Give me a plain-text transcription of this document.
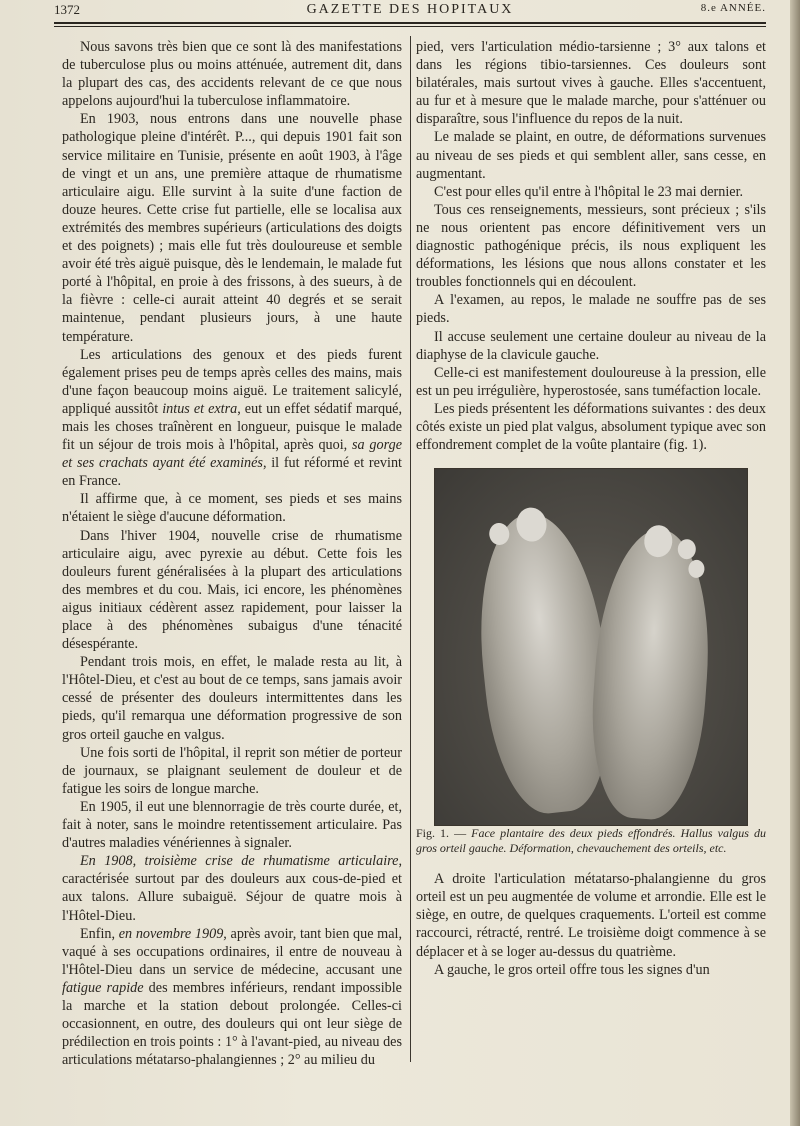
1372	GAZETTE DES HOPITAUX	8.e ANNÉE.

Nous savons très bien que ce sont là des manifestations de tuberculose plus ou moins atténuée, autrement dit, dans la plupart des cas, des accidents relevant de ce que nous appelons aujourd'hui la tuberculose inflammatoire.

En 1903, nous entrons dans une nouvelle phase pathologique pleine d'intérêt. P..., qui depuis 1901 fait son service militaire en Tunisie, présente en août 1903, à l'âge de vingt et un ans, une première attaque de rhumatisme articulaire aigu. Elle survint à la suite d'une faction de douze heures. Cette crise fut partielle, elle se localisa aux extrémités des membres supérieurs (articulations des doigts et des poignets) ; mais elle fut très douloureuse et semble avoir été très aiguë puisque, dès le lendemain, le malade fut porté à l'hôpital, en proie à des frissons, à des sueurs, à de la fièvre : celle-ci aurait atteint 40 degrés et se serait maintenue, pendant plusieurs jours, à une haute température.

Les articulations des genoux et des pieds furent également prises peu de temps après celles des mains, mais d'une façon beaucoup moins aiguë. Le traitement salicylé, appliqué aussitôt intus et extra, eut un effet sédatif marqué, mais les choses traînèrent en longueur, puisque le malade fit un séjour de trois mois à l'hôpital, après quoi, sa gorge et ses crachats ayant été examinés, il fut réformé et revint en France.

Il affirme que, à ce moment, ses pieds et ses mains n'étaient le siège d'aucune déformation.

Dans l'hiver 1904, nouvelle crise de rhumatisme articulaire aigu, avec pyrexie au début. Cette fois les douleurs furent généralisées à la plupart des articulations des membres et du cou. Mais, ici encore, les phénomènes aigus initiaux cédèrent assez rapidement, pour laisser la place à des phénomènes subaigus d'une ténacité désespérante.

Pendant trois mois, en effet, le malade resta au lit, à l'Hôtel-Dieu, et c'est au bout de ce temps, sans jamais avoir cessé de présenter des douleurs intermittentes dans les pieds, qu'il remarqua une déformation progressive de son gros orteil gauche en valgus.

Une fois sorti de l'hôpital, il reprit son métier de porteur de journaux, se plaignant seulement de douleur et de fatigue les soirs de longue marche.

En 1905, il eut une blennorragie de très courte durée, et, fait à noter, sans le moindre retentissement articulaire. Pas d'autres maladies vénériennes à signaler.

En 1908, troisième crise de rhumatisme articulaire, caractérisée surtout par des douleurs aux cous-de-pied et aux talons. Allure subaiguë. Séjour de quatre mois à l'Hôtel-Dieu.

Enfin, en novembre 1909, après avoir, tant bien que mal, vaqué à ses occupations ordinaires, il entre de nouveau à l'Hôtel-Dieu dans un service de médecine, accusant une fatigue rapide des membres inférieurs, rendant impossible la marche et la station debout prolongée. Celles-ci occasionnent, en outre, des douleurs qui ont leur siège de prédilection en trois points : 1° à l'avant-pied, au niveau des articulations métatarso-phalangiennes ; 2° au milieu du

pied, vers l'articulation médio-tarsienne ; 3° aux talons et dans les régions tibio-tarsiennes. Ces douleurs sont bilatérales, mais surtout vives à gauche. Elles s'accentuent, au fur et à mesure que le malade marche, pour s'atténuer ou disparaître, sous l'influence du repos de la nuit.

Le malade se plaint, en outre, de déformations survenues au niveau de ses pieds et qui semblent aller, sans cesse, en augmentant.

C'est pour elles qu'il entre à l'hôpital le 23 mai dernier.

Tous ces renseignements, messieurs, sont précieux ; s'ils ne nous orientent pas encore définitivement vers un diagnostic pathogénique précis, ils nous expliquent les déformations, les lésions que nous allons constater et les troubles fonctionnels qui en découlent.

A l'examen, au repos, le malade ne souffre pas de ses pieds.

Il accuse seulement une certaine douleur au niveau de la diaphyse de la clavicule gauche.

Celle-ci est manifestement douloureuse à la pression, elle est un peu irrégulière, hyperostosée, sans tuméfaction locale.

Les pieds présentent les déformations suivantes : des deux côtés existe un pied plat valgus, absolument typique avec son effondrement complet de la voûte plantaire (fig. 1).

Fig. 1. — Face plantaire des deux pieds effondrés. Hallus valgus du gros orteil gauche. Déformation, chevauchement des orteils, etc.

A droite l'articulation métatarso-phalangienne du gros orteil est un peu augmentée de volume et arrondie. Elle est le siège, en outre, de quelques craquements. L'orteil est comme raccourci, rétracté, rentré. Le troisième doigt commence à se déplacer et à se loger au-dessus du quatrième.

A gauche, le gros orteil offre tous les signes d'un
